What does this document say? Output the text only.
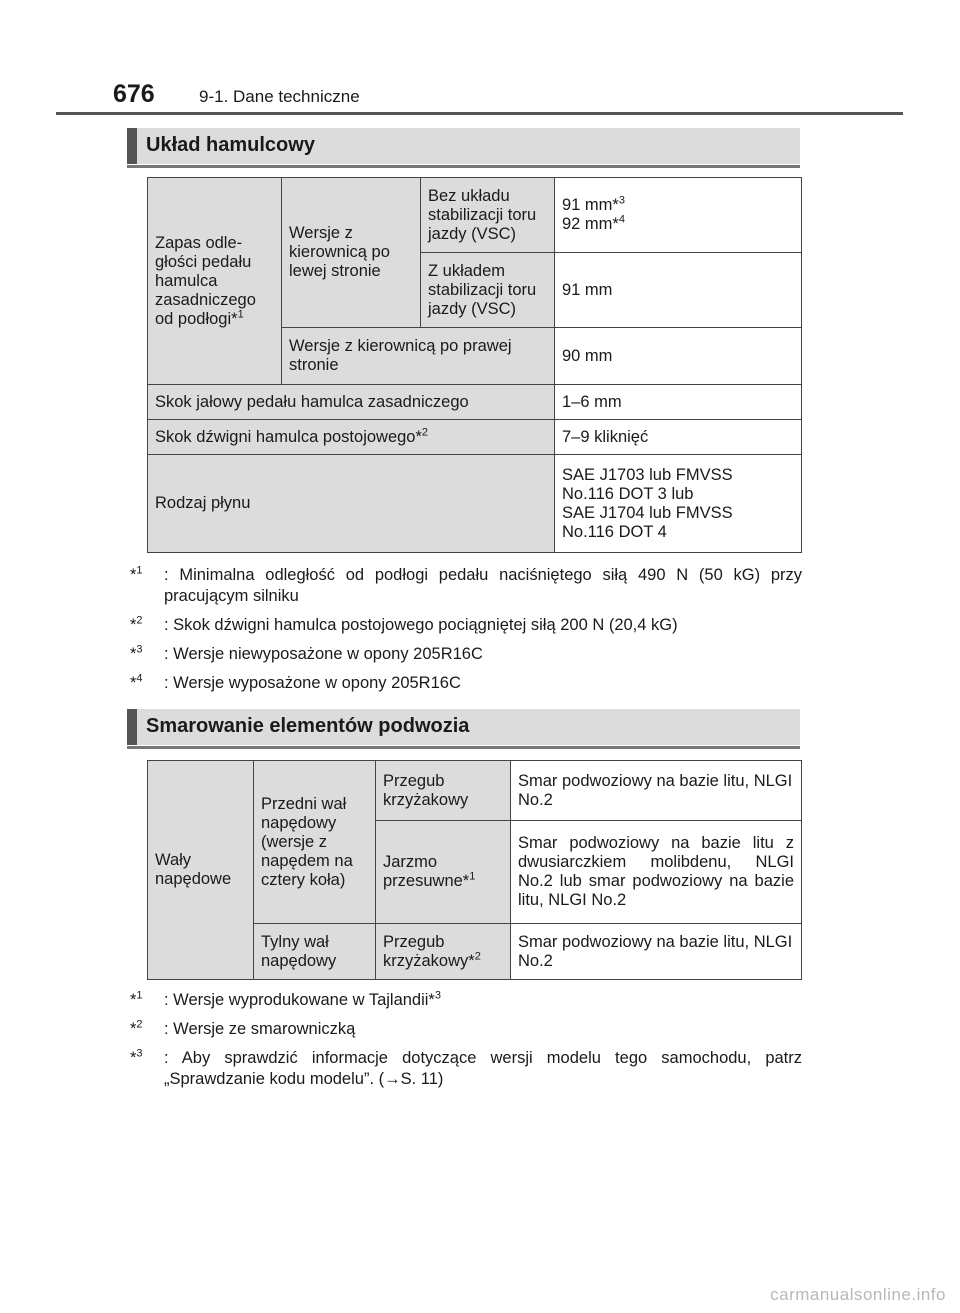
676	9-1. Dane techniczne
Układ hamulcowy
Zapas odległości pedału hamulca zasadniczego od podłogi*$^1$	Wersje z kierownicą po lewej stronie	Bez układu stabilizacji toru jazdy (VSC)	91 mm*$^3$
92 mm*$^4$
		Z układem stabilizacji toru jazdy (VSC)	91 mm
	Wersje z kierownicą po prawej stronie		90 mm
Skok jałowy pedału hamulca zasadniczego			1–6 mm
Skok dźwigni hamulca postojowego*$^2$			7–9 kliknięć
Rodzaj płynu			SAE J1703 lub FMVSS
No.116 DOT 3 lub
SAE J1704 lub FMVSS
No.116 DOT 4
*$^1$ : Minimalna odległość od podłogi pedału naciśniętego siłą 490 N (50 kG) przy pracującym silniku
*$^2$ : Skok dźwigni hamulca postojowego pociągniętej siłą 200 N (20,4 kG)
*$^3$ : Wersje niewyposażone w opony 205R16C
*$^4$ : Wersje wyposażone w opony 205R16C
Smarowanie elementów podwozia
Wały napędowe	Przedni wał napędowy (wersje z napędem na cztery koła)	Przegub krzyżakowy	Smar podwoziowy na bazie litu, NLGI No.2
		Jarzmo przesuwne*$^1$	Smar podwoziowy na bazie litu z dwusiarczkiem molibdenu, NLGI No.2 lub smar podwoziowy na bazie litu, NLGI No.2
	Tylny wał napędowy	Przegub krzyżakowy*$^2$	Smar podwoziowy na bazie litu, NLGI No.2
*$^1$ : Wersje wyprodukowane w Tajlandii*$^3$
*$^2$ : Wersje ze smarowniczką
*$^3$ : Aby sprawdzić informacje dotyczące wersji modelu tego samochodu, patrz „Sprawdzanie kodu modelu”. (→S. 11)
carmanualsonline.info
